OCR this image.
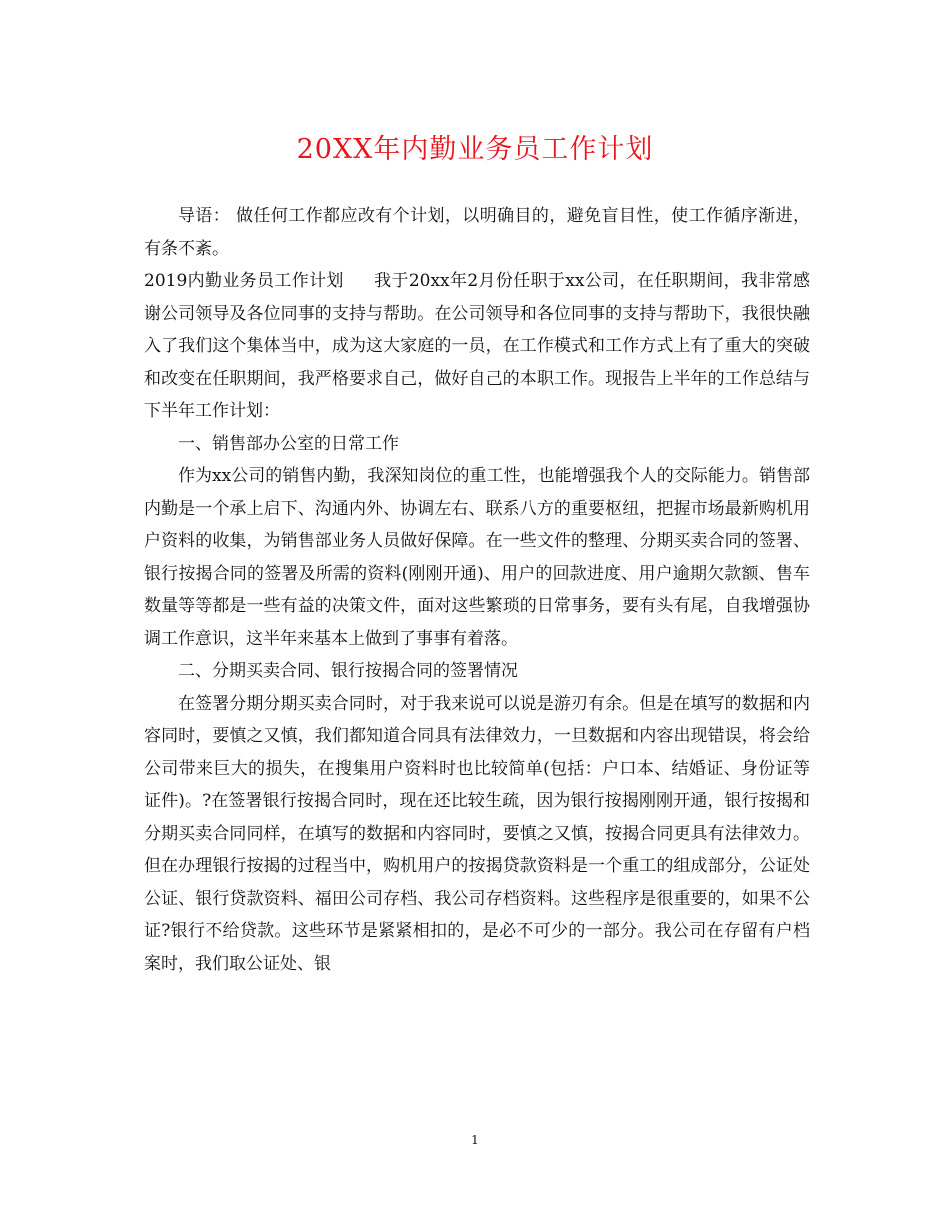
20XX年内勤业务员工作计划

导语： 做任何工作都应改有个计划，以明确目的，避免盲目性，使工作循序渐进，有条不紊。

2019内勤业务员工作计划 我于20xx年2月份任职于xx公司，在任职期间，我非常感谢公司领导及各位同事的支持与帮助。在公司领导和各位同事的支持与帮助下，我很快融入了我们这个集体当中，成为这大家庭的一员，在工作模式和工作方式上有了重大的突破和改变在任职期间，我严格要求自己，做好自己的本职工作。现报告上半年的工作总结与下半年工作计划：

一、销售部办公室的日常工作

作为xx公司的销售内勤，我深知岗位的重工性，也能增强我个人的交际能力。销售部内勤是一个承上启下、沟通内外、协调左右、联系八方的重要枢纽，把握市场最新购机用户资料的收集，为销售部业务人员做好保障。在一些文件的整理、分期买卖合同的签署、银行按揭合同的签署及所需的资料(刚刚开通)、用户的回款进度、用户逾期欠款额、售车数量等等都是一些有益的决策文件，面对这些繁琐的日常事务，要有头有尾，自我增强协调工作意识，这半年来基本上做到了事事有着落。

二、分期买卖合同、银行按揭合同的签署情况

在签署分期分期买卖合同时，对于我来说可以说是游刃有余。但是在填写的数据和内容同时，要慎之又慎，我们都知道合同具有法律效力，一旦数据和内容出现错误，将会给公司带来巨大的损失，在搜集用户资料时也比较简单(包括：户口本、结婚证、身份证等证件)。?在签署银行按揭合同时，现在还比较生疏，因为银行按揭刚刚开通，银行按揭和分期买卖合同同样，在填写的数据和内容同时，要慎之又慎，按揭合同更具有法律效力。但在办理银行按揭的过程当中，购机用户的按揭贷款资料是一个重工的组成部分，公证处公证、银行贷款资料、福田公司存档、我公司存档资料。这些程序是很重要的，如果不公证?银行不给贷款。这些环节是紧紧相扣的，是必不可少的一部分。我公司在存留有户档案时，我们取公证处、银

1
